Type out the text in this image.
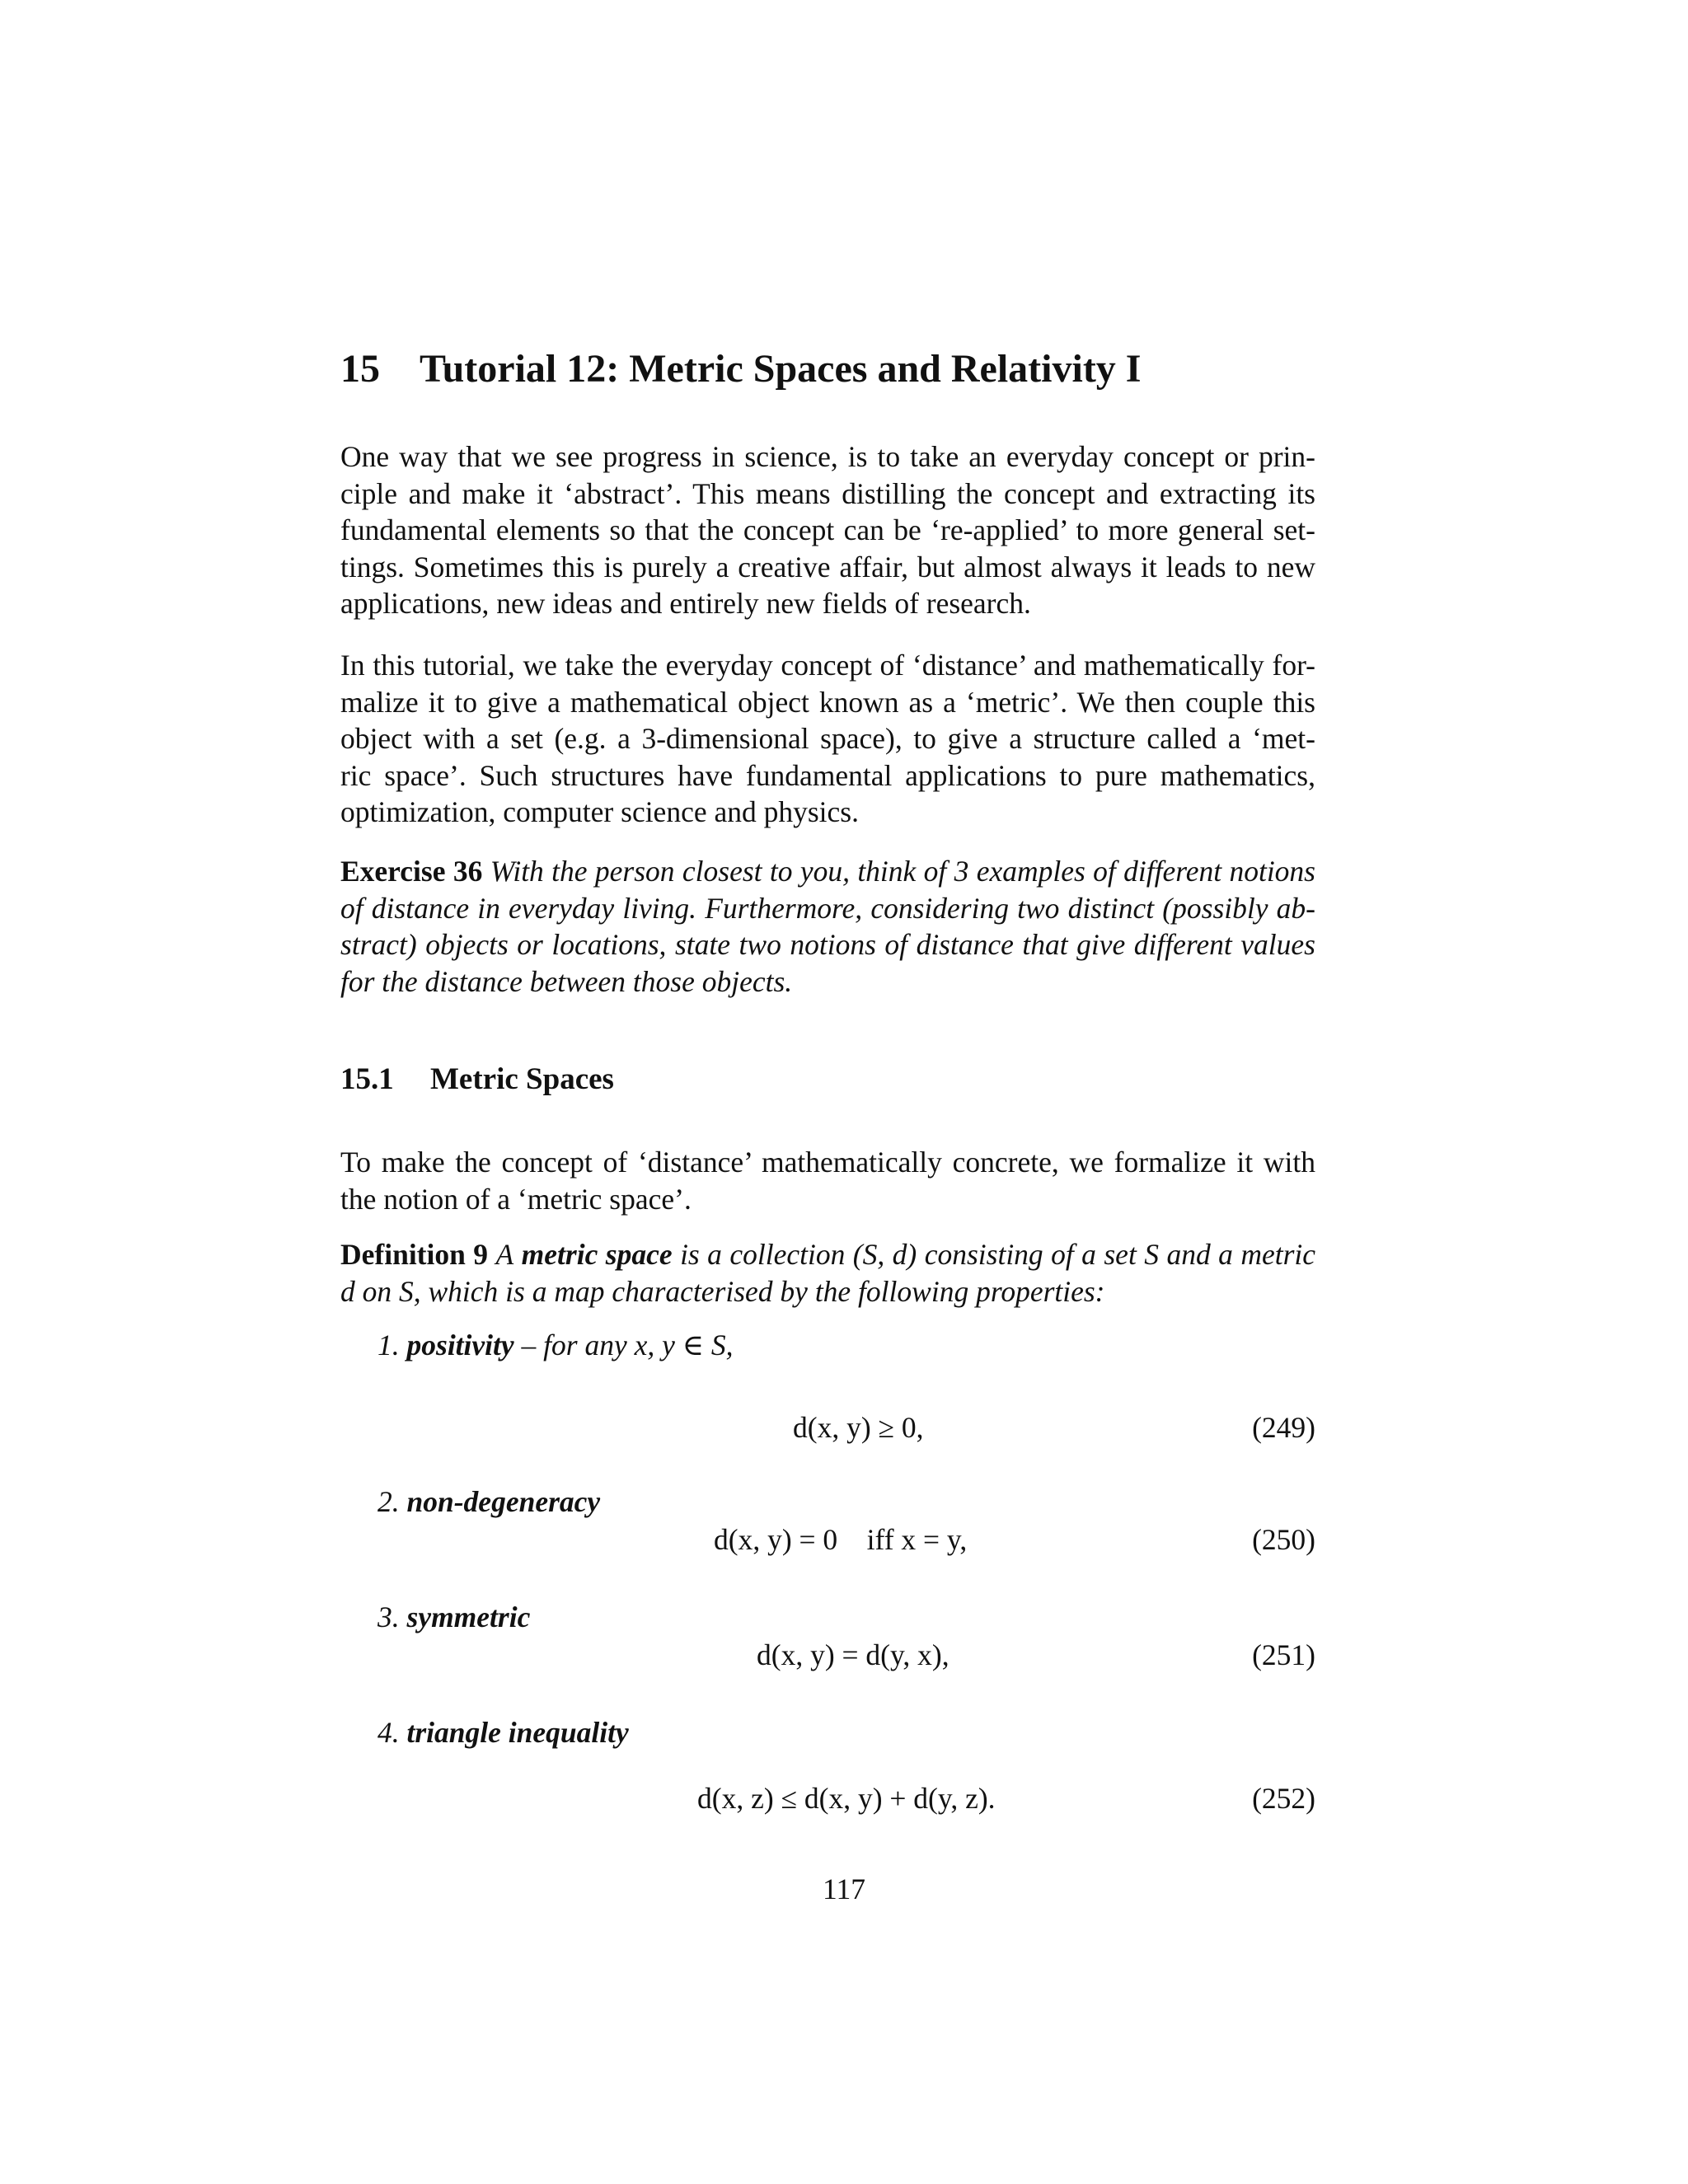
15 Tutorial 12: Metric Spaces and Relativity I

One way that we see progress in science, is to take an everyday concept or prin-
ciple and make it ‘abstract’. This means distilling the concept and extracting its
fundamental elements so that the concept can be ‘re-applied’ to more general set-
tings. Sometimes this is purely a creative affair, but almost always it leads to new
applications, new ideas and entirely new fields of research.

In this tutorial, we take the everyday concept of ‘distance’ and mathematically for-
malize it to give a mathematical object known as a ‘metric’. We then couple this
object with a set (e.g. a 3-dimensional space), to give a structure called a ‘met-
ric space’. Such structures have fundamental applications to pure mathematics,
optimization, computer science and physics.

Exercise 36 With the person closest to you, think of 3 examples of different notions
of distance in everyday living. Furthermore, considering two distinct (possibly ab-
stract) objects or locations, state two notions of distance that give different values
for the distance between those objects.

15.1 Metric Spaces

To make the concept of ‘distance’ mathematically concrete, we formalize it with
the notion of a ‘metric space’.

Definition 9 A metric space is a collection (S, d) consisting of a set S and a metric
d on S, which is a map characterised by the following properties:

1. positivity – for any x, y ∈ S,
d(x, y) ≥ 0,	(249)
2. non-degeneracy
d(x, y) = 0    iff x = y,	(250)
3. symmetric
d(x, y) = d(y, x),	(251)
4. triangle inequality
d(x, z) ≤ d(x, y) + d(y, z).	(252)
117
